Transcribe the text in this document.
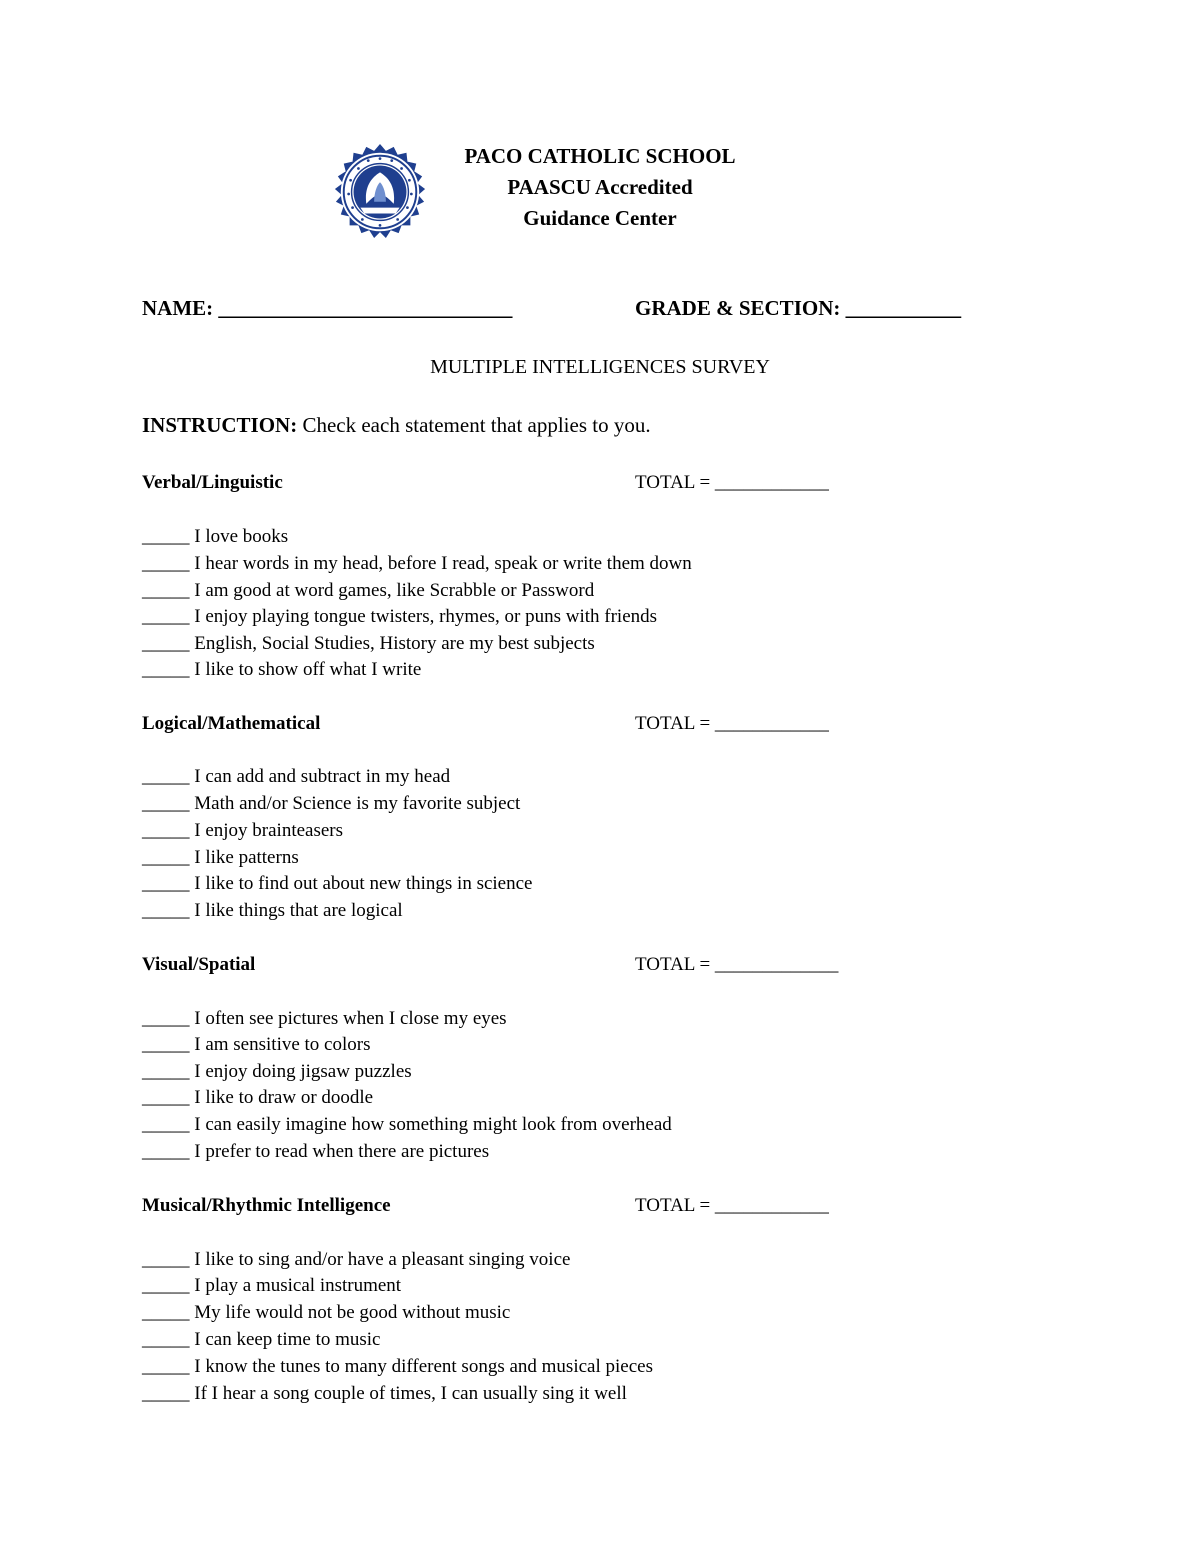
PACO CATHOLIC SCHOOL
PAASCU Accredited
Guidance Center
NAME: ____________________________	GRADE & SECTION: ___________
MULTIPLE INTELLIGENCES SURVEY
INSTRUCTION: Check each statement that applies to you.
Verbal/Linguistic	TOTAL = ____________
_____ I love books
_____ I hear words in my head, before I read, speak or write them down
_____ I am good at word games, like Scrabble or Password
_____ I enjoy playing tongue twisters, rhymes, or puns with friends
_____ English, Social Studies, History are my best subjects
_____ I like to show off what I write
Logical/Mathematical	TOTAL = ____________
_____ I can add and subtract in my head
_____ Math and/or Science is my favorite subject
_____ I enjoy brainteasers
_____ I like patterns
_____ I like to find out about new things in science
_____ I like things that are logical
Visual/Spatial	TOTAL = _____________
_____ I often see pictures when I close my eyes
_____ I am sensitive to colors
_____ I enjoy doing jigsaw puzzles
_____ I like to draw or doodle
_____ I can easily imagine how something might look from overhead
_____ I prefer to read when there are pictures
Musical/Rhythmic Intelligence	TOTAL = ____________
_____ I like to sing and/or have a pleasant singing voice
_____ I play a musical instrument
_____ My life would not be good without music
_____ I can keep time to music
_____ I know the tunes to many different songs and musical pieces
_____ If I hear a song couple of times, I can usually sing it well
